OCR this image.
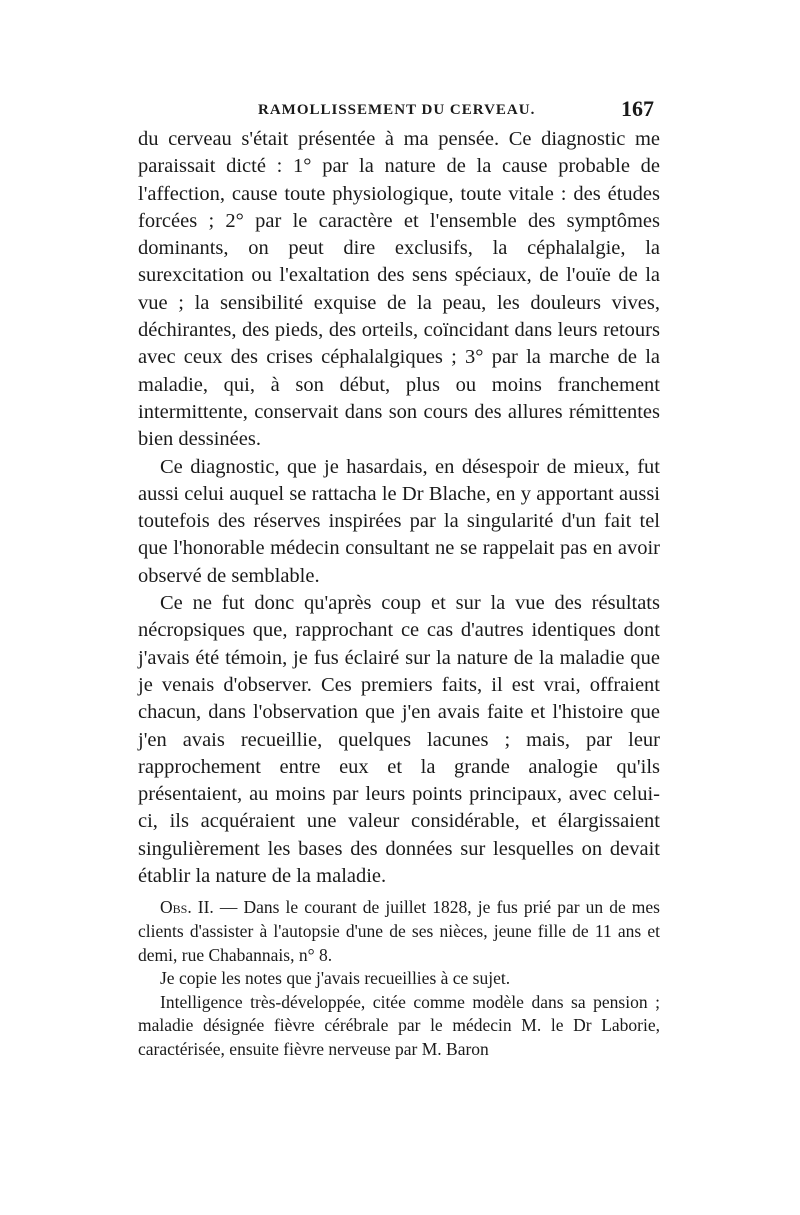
RAMOLLISSEMENT DU CERVEAU.	167

du cerveau s'était présentée à ma pensée. Ce diagnostic me paraissait dicté : 1° par la nature de la cause probable de l'affection, cause toute physiologique, toute vitale : des études forcées ; 2° par le caractère et l'ensemble des symptômes dominants, on peut dire exclusifs, la céphalalgie, la surexcitation ou l'exaltation des sens spéciaux, de l'ouïe de la vue ; la sensibilité exquise de la peau, les douleurs vives, déchirantes, des pieds, des orteils, coïncidant dans leurs retours avec ceux des crises céphalalgiques ; 3° par la marche de la maladie, qui, à son début, plus ou moins franchement intermittente, conservait dans son cours des allures rémittentes bien dessinées.

Ce diagnostic, que je hasardais, en désespoir de mieux, fut aussi celui auquel se rattacha le Dr Blache, en y apportant aussi toutefois des réserves inspirées par la singularité d'un fait tel que l'honorable médecin consultant ne se rappelait pas en avoir observé de semblable.

Ce ne fut donc qu'après coup et sur la vue des résultats nécropsiques que, rapprochant ce cas d'autres identiques dont j'avais été témoin, je fus éclairé sur la nature de la maladie que je venais d'observer. Ces premiers faits, il est vrai, offraient chacun, dans l'observation que j'en avais faite et l'histoire que j'en avais recueillie, quelques lacunes ; mais, par leur rapprochement entre eux et la grande analogie qu'ils présentaient, au moins par leurs points principaux, avec celui-ci, ils acquéraient une valeur considérable, et élargissaient singulièrement les bases des données sur lesquelles on devait établir la nature de la maladie.

Obs. II. — Dans le courant de juillet 1828, je fus prié par un de mes clients d'assister à l'autopsie d'une de ses nièces, jeune fille de 11 ans et demi, rue Chabannais, n° 8.

Je copie les notes que j'avais recueillies à ce sujet.

Intelligence très-développée, citée comme modèle dans sa pension ; maladie désignée fièvre cérébrale par le médecin M. le Dr Laborie, caractérisée, ensuite fièvre nerveuse par M. Baron
